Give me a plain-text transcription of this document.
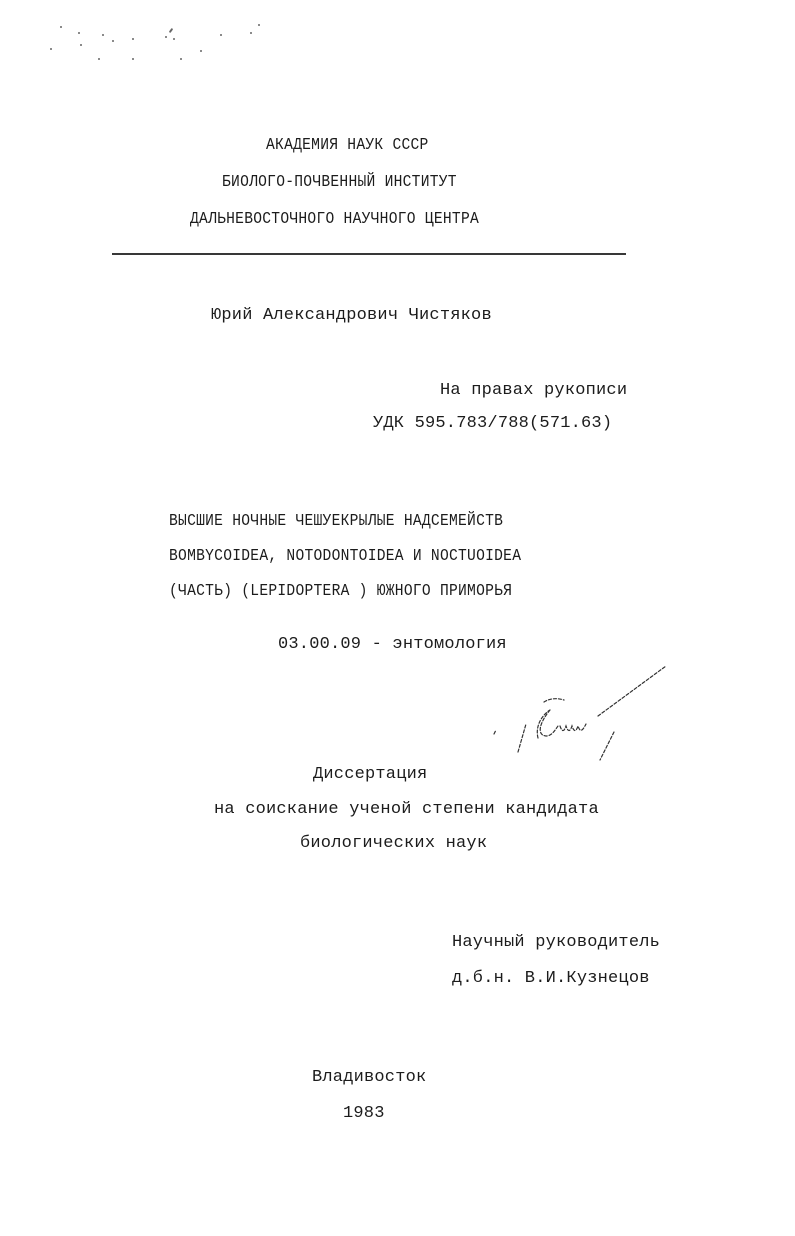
АКАДЕМИЯ НАУК СССР
БИОЛОГО-ПОЧВЕННЫЙ ИНСТИТУТ
ДАЛЬНЕВОСТОЧНОГО НАУЧНОГО ЦЕНТРА
Юрий Александрович Чистяков
На правах рукописи
УДК 595.783/788(571.63)
ВЫСШИЕ НОЧНЫЕ ЧЕШУЕКРЫЛЫЕ НАДСЕМЕЙСТВ
BOMBYCOIDEA, NOTODONTOIDEA И NOCTUOIDEA
(ЧАСТЬ) (LEPIDOPTERA ) ЮЖНОГО ПРИМОРЬЯ
03.00.09 - энтомология
Диссертация
на соискание ученой степени кандидата
биологических наук
Научный руководитель
д.б.н. В.И.Кузнецов
Владивосток
1983
